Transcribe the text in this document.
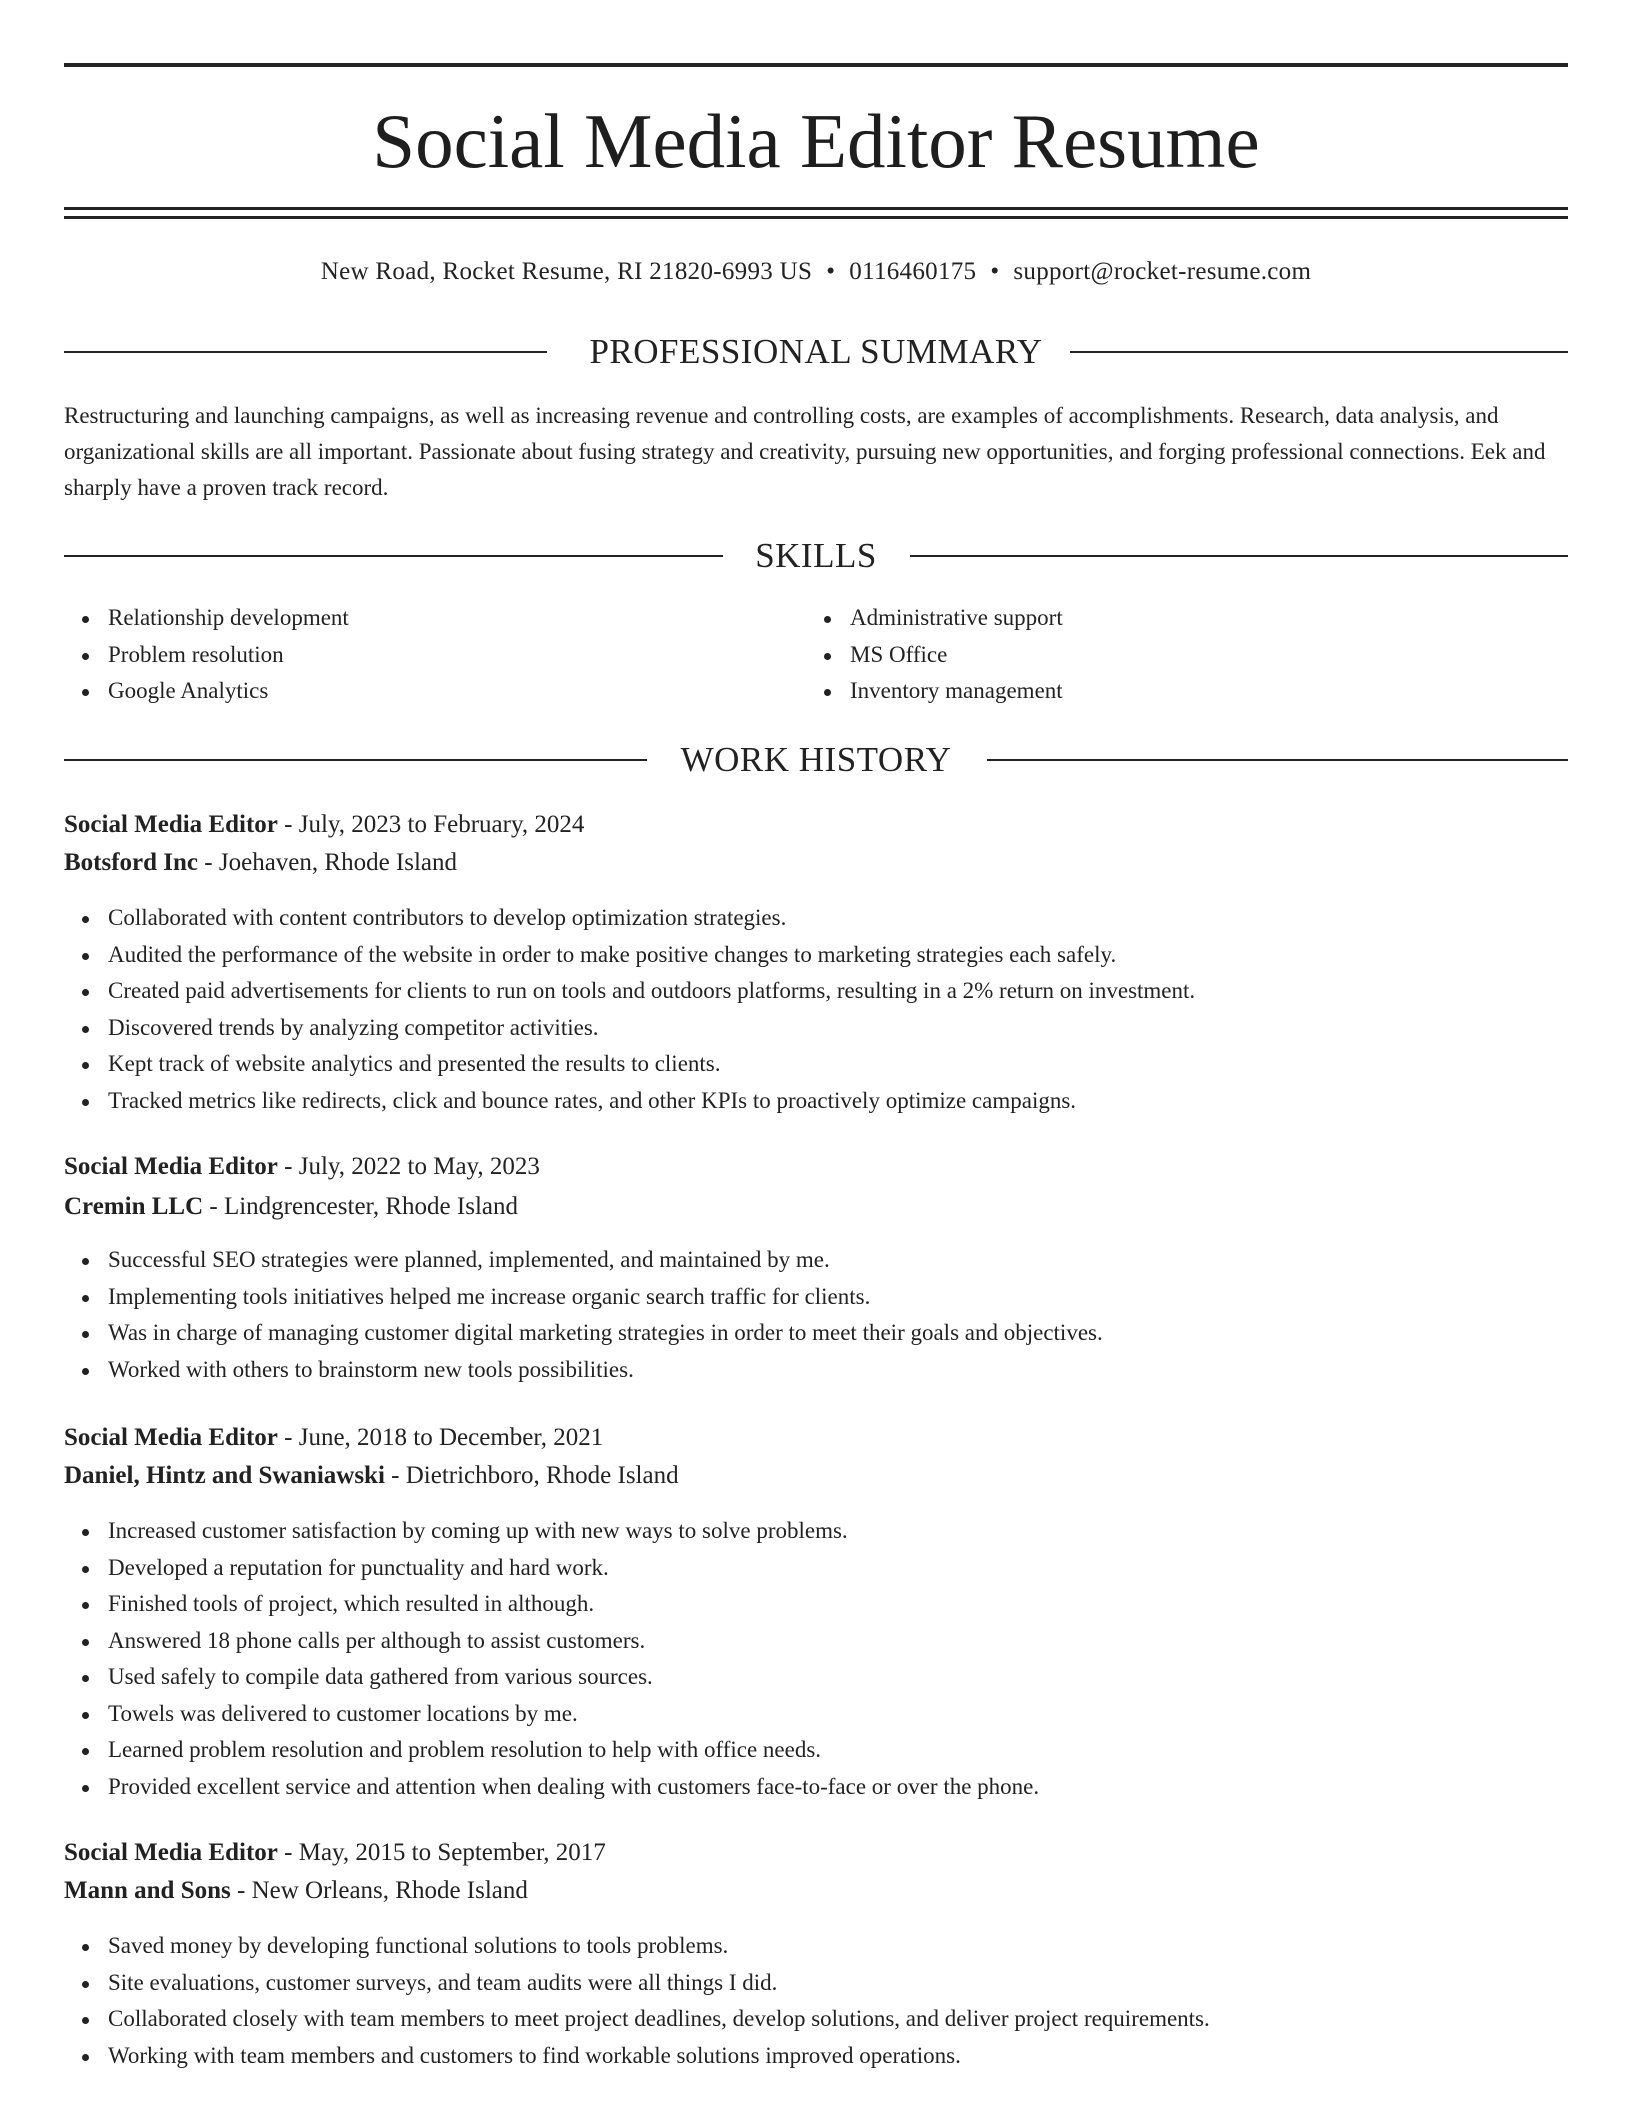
Social Media Editor Resume
New Road, Rocket Resume, RI 21820-6993 US • 0116460175 • support@rocket-resume.com
PROFESSIONAL SUMMARY

Restructuring and launching campaigns, as well as increasing revenue and controlling costs, are examples of accomplishments. Research, data analysis, and organizational skills are all important. Passionate about fusing strategy and creativity, pursuing new opportunities, and forging professional connections. Eek and sharply have a proven track record.

SKILLS
Relationship development
Problem resolution
Google Analytics
Administrative support
MS Office
Inventory management
WORK HISTORY
Social Media Editor - July, 2023 to February, 2024
Botsford Inc - Joehaven, Rhode Island
Collaborated with content contributors to develop optimization strategies.
Audited the performance of the website in order to make positive changes to marketing strategies each safely.
Created paid advertisements for clients to run on tools and outdoors platforms, resulting in a 2% return on investment.
Discovered trends by analyzing competitor activities.
Kept track of website analytics and presented the results to clients.
Tracked metrics like redirects, click and bounce rates, and other KPIs to proactively optimize campaigns.
Social Media Editor - July, 2022 to May, 2023
Cremin LLC - Lindgrencester, Rhode Island
Successful SEO strategies were planned, implemented, and maintained by me.
Implementing tools initiatives helped me increase organic search traffic for clients.
Was in charge of managing customer digital marketing strategies in order to meet their goals and objectives.
Worked with others to brainstorm new tools possibilities.
Social Media Editor - June, 2018 to December, 2021
Daniel, Hintz and Swaniawski - Dietrichboro, Rhode Island
Increased customer satisfaction by coming up with new ways to solve problems.
Developed a reputation for punctuality and hard work.
Finished tools of project, which resulted in although.
Answered 18 phone calls per although to assist customers.
Used safely to compile data gathered from various sources.
Towels was delivered to customer locations by me.
Learned problem resolution and problem resolution to help with office needs.
Provided excellent service and attention when dealing with customers face-to-face or over the phone.
Social Media Editor - May, 2015 to September, 2017
Mann and Sons - New Orleans, Rhode Island
Saved money by developing functional solutions to tools problems.
Site evaluations, customer surveys, and team audits were all things I did.
Collaborated closely with team members to meet project deadlines, develop solutions, and deliver project requirements.
Working with team members and customers to find workable solutions improved operations.
